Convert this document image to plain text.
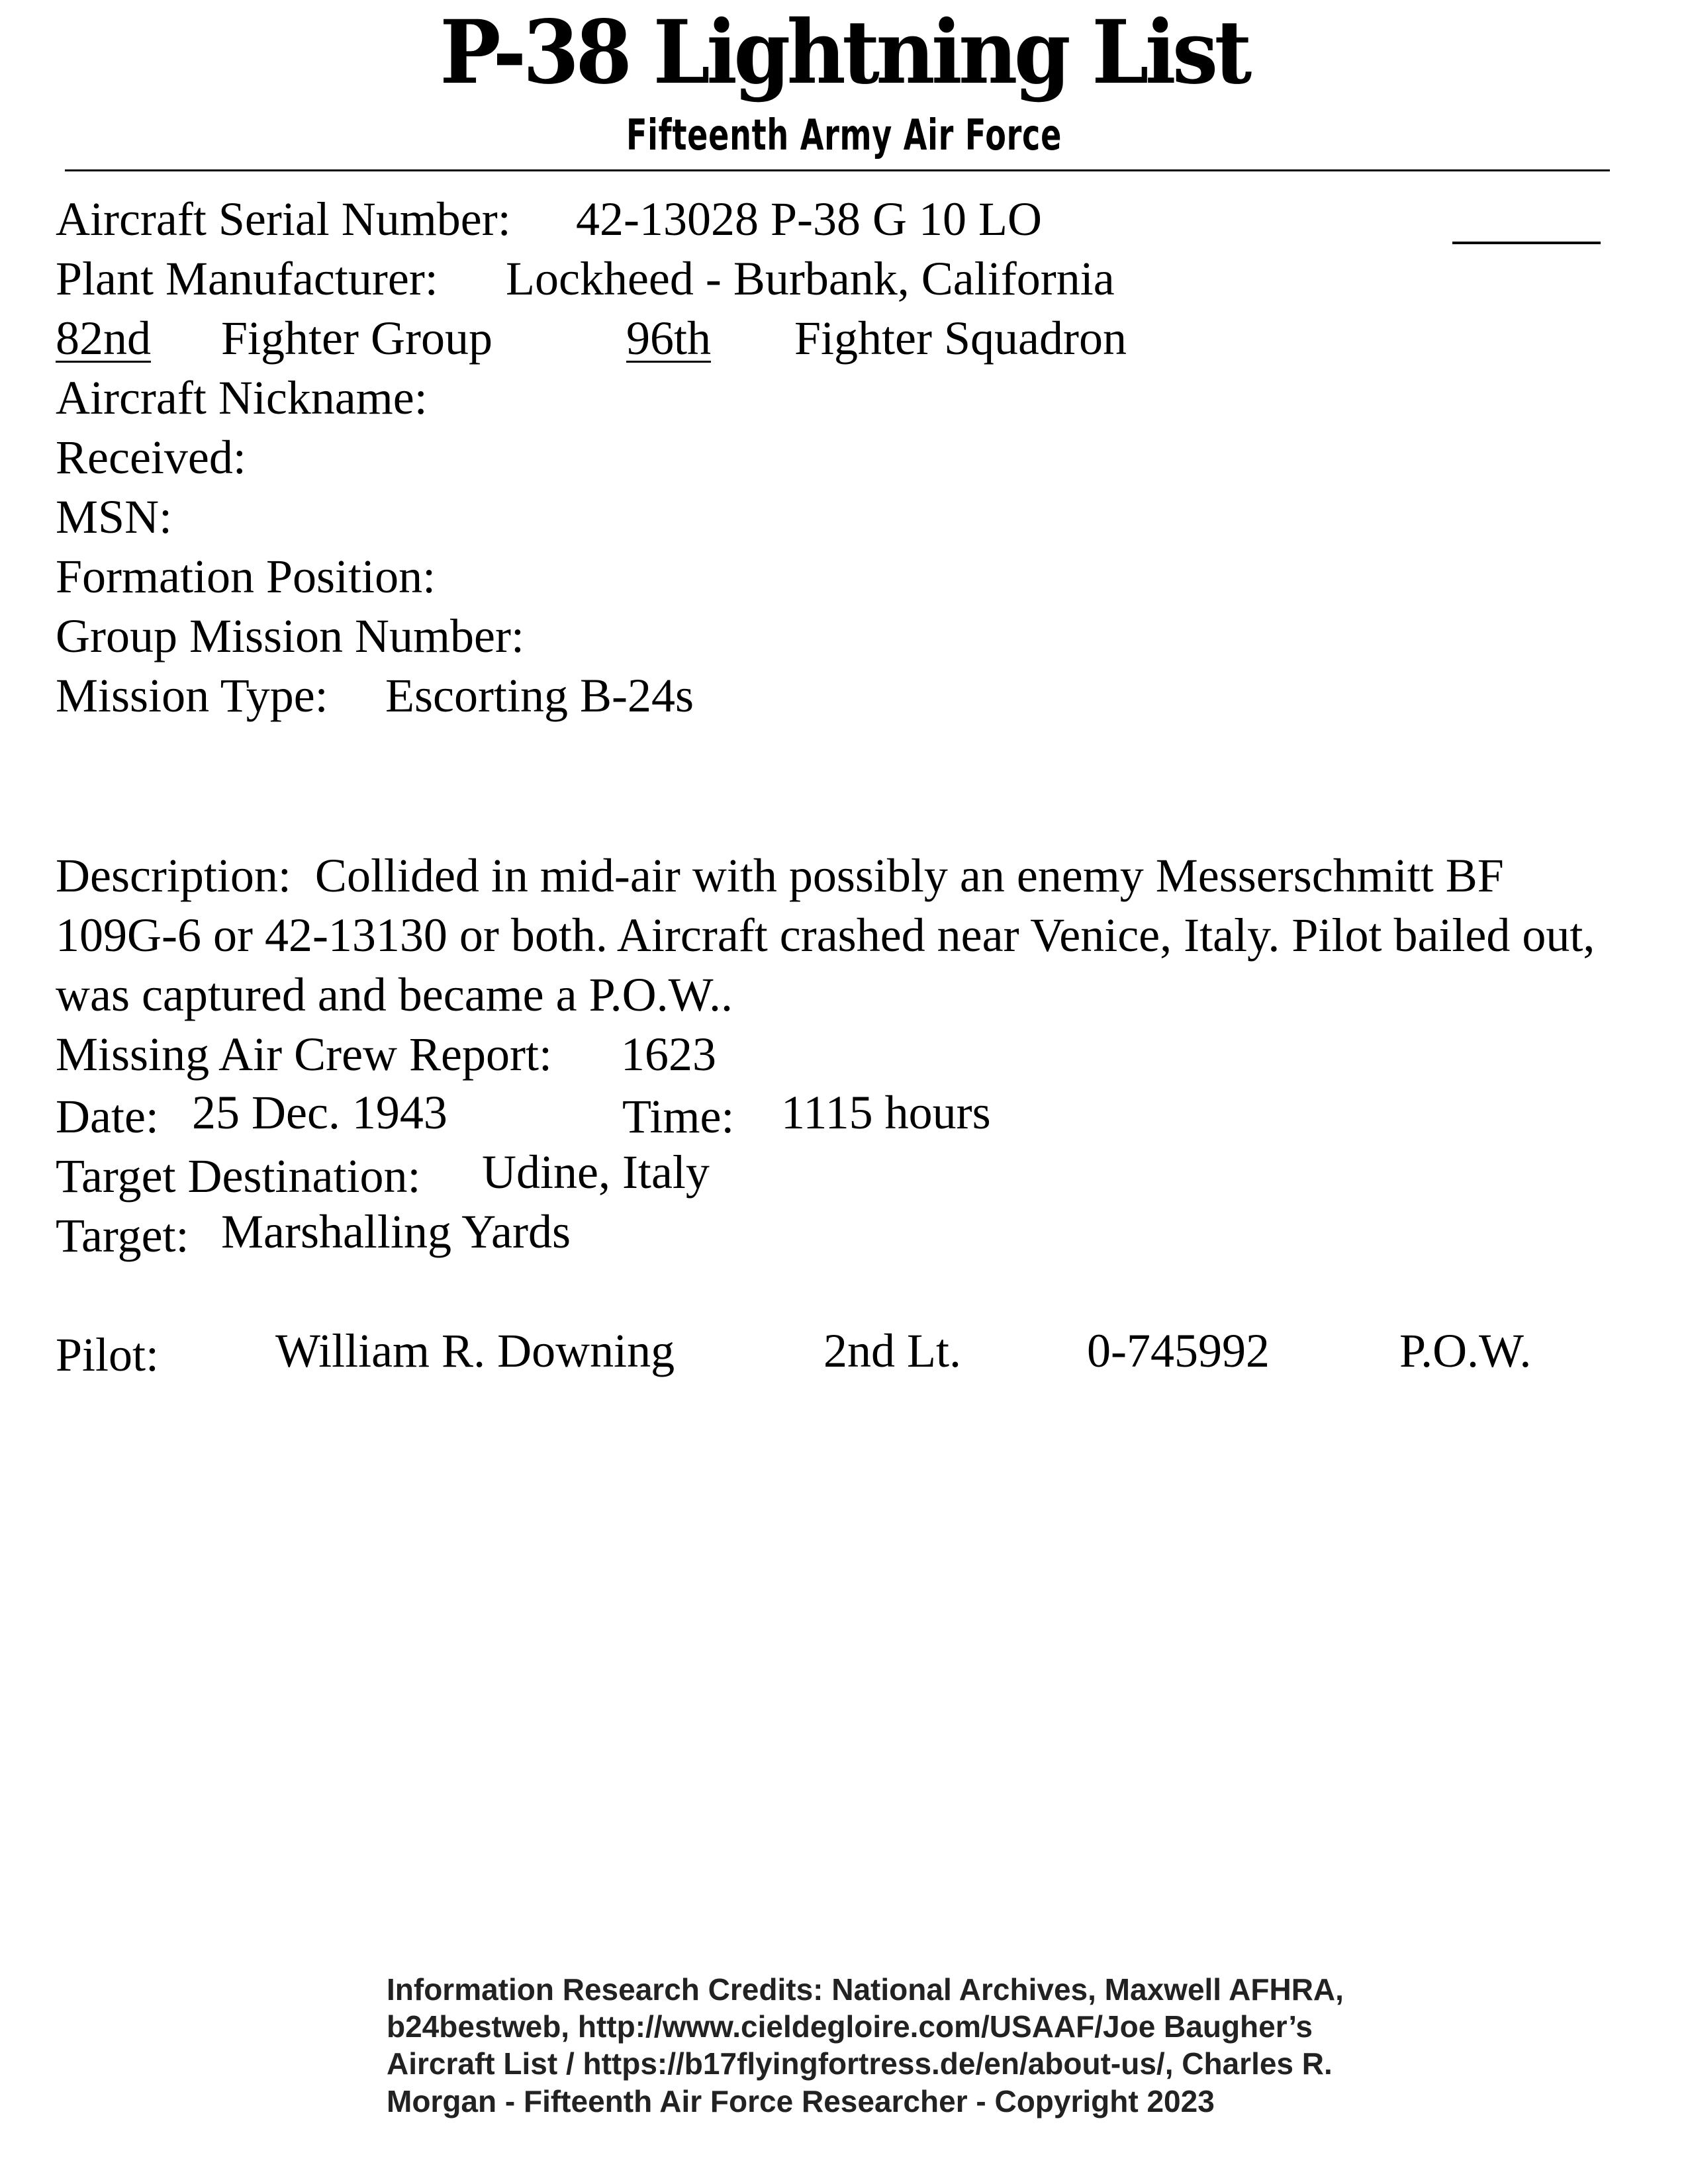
P-38 Lightning List
Fifteenth Army Air Force
Aircraft Serial Number: 42-13028 P-38 G 10 LO
Plant Manufacturer: Lockheed - Burbank, California
82nd	Fighter Group	96th	Fighter Squadron
Aircraft Nickname:
Received:
MSN:
Formation Position:
Group Mission Number:
Mission Type: Escorting B-24s
Description: Collided in mid-air with possibly an enemy Messerschmitt BF 109G-6 or 42-13130 or both. Aircraft crashed near Venice, Italy. Pilot bailed out, was captured and became a P.O.W..
Missing Air Crew Report: 1623
Date: 25 Dec. 1943	Time: 1115 hours
Target Destination: Udine, Italy
Target: Marshalling Yards
Pilot: William R. Downing	2nd Lt.	0-745992	P.O.W.
Information Research Credits: National Archives, Maxwell AFHRA,
b24bestweb, http://www.cieldegloire.com/USAAF/Joe Baugher’s
Aircraft List / https://b17flyingfortress.de/en/about-us/, Charles R.
Morgan - Fifteenth Air Force Researcher - Copyright 2023
